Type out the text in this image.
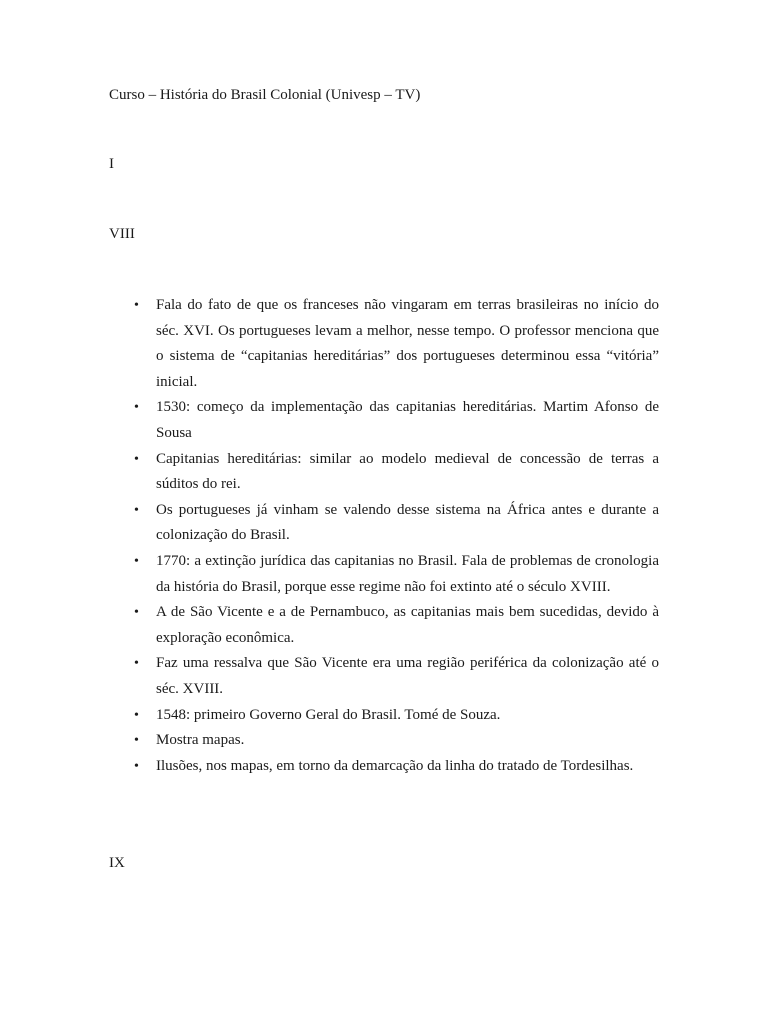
Curso – História do Brasil Colonial (Univesp – TV)
I
VIII
• Fala do fato de que os franceses não vingaram em terras brasileiras no início do séc. XVI. Os portugueses levam a melhor, nesse tempo. O professor menciona que o sistema de “capitanias hereditárias” dos portugueses determinou essa “vitória” inicial.
• 1530: começo da implementação das capitanias hereditárias. Martim Afonso de Sousa
• Capitanias hereditárias: similar ao modelo medieval de concessão de terras a súditos do rei.
• Os portugueses já vinham se valendo desse sistema na África antes e durante a colonização do Brasil.
• 1770: a extinção jurídica das capitanias no Brasil. Fala de problemas de cronologia da história do Brasil, porque esse regime não foi extinto até o século XVIII.
• A de São Vicente e a de Pernambuco, as capitanias mais bem sucedidas, devido à exploração econômica.
• Faz uma ressalva que São Vicente era uma região periférica da colonização até o séc. XVIII.
• 1548: primeiro Governo Geral do Brasil. Tomé de Souza.
• Mostra mapas.
• Ilusões, nos mapas, em torno da demarcação da linha do tratado de Tordesilhas.
IX
